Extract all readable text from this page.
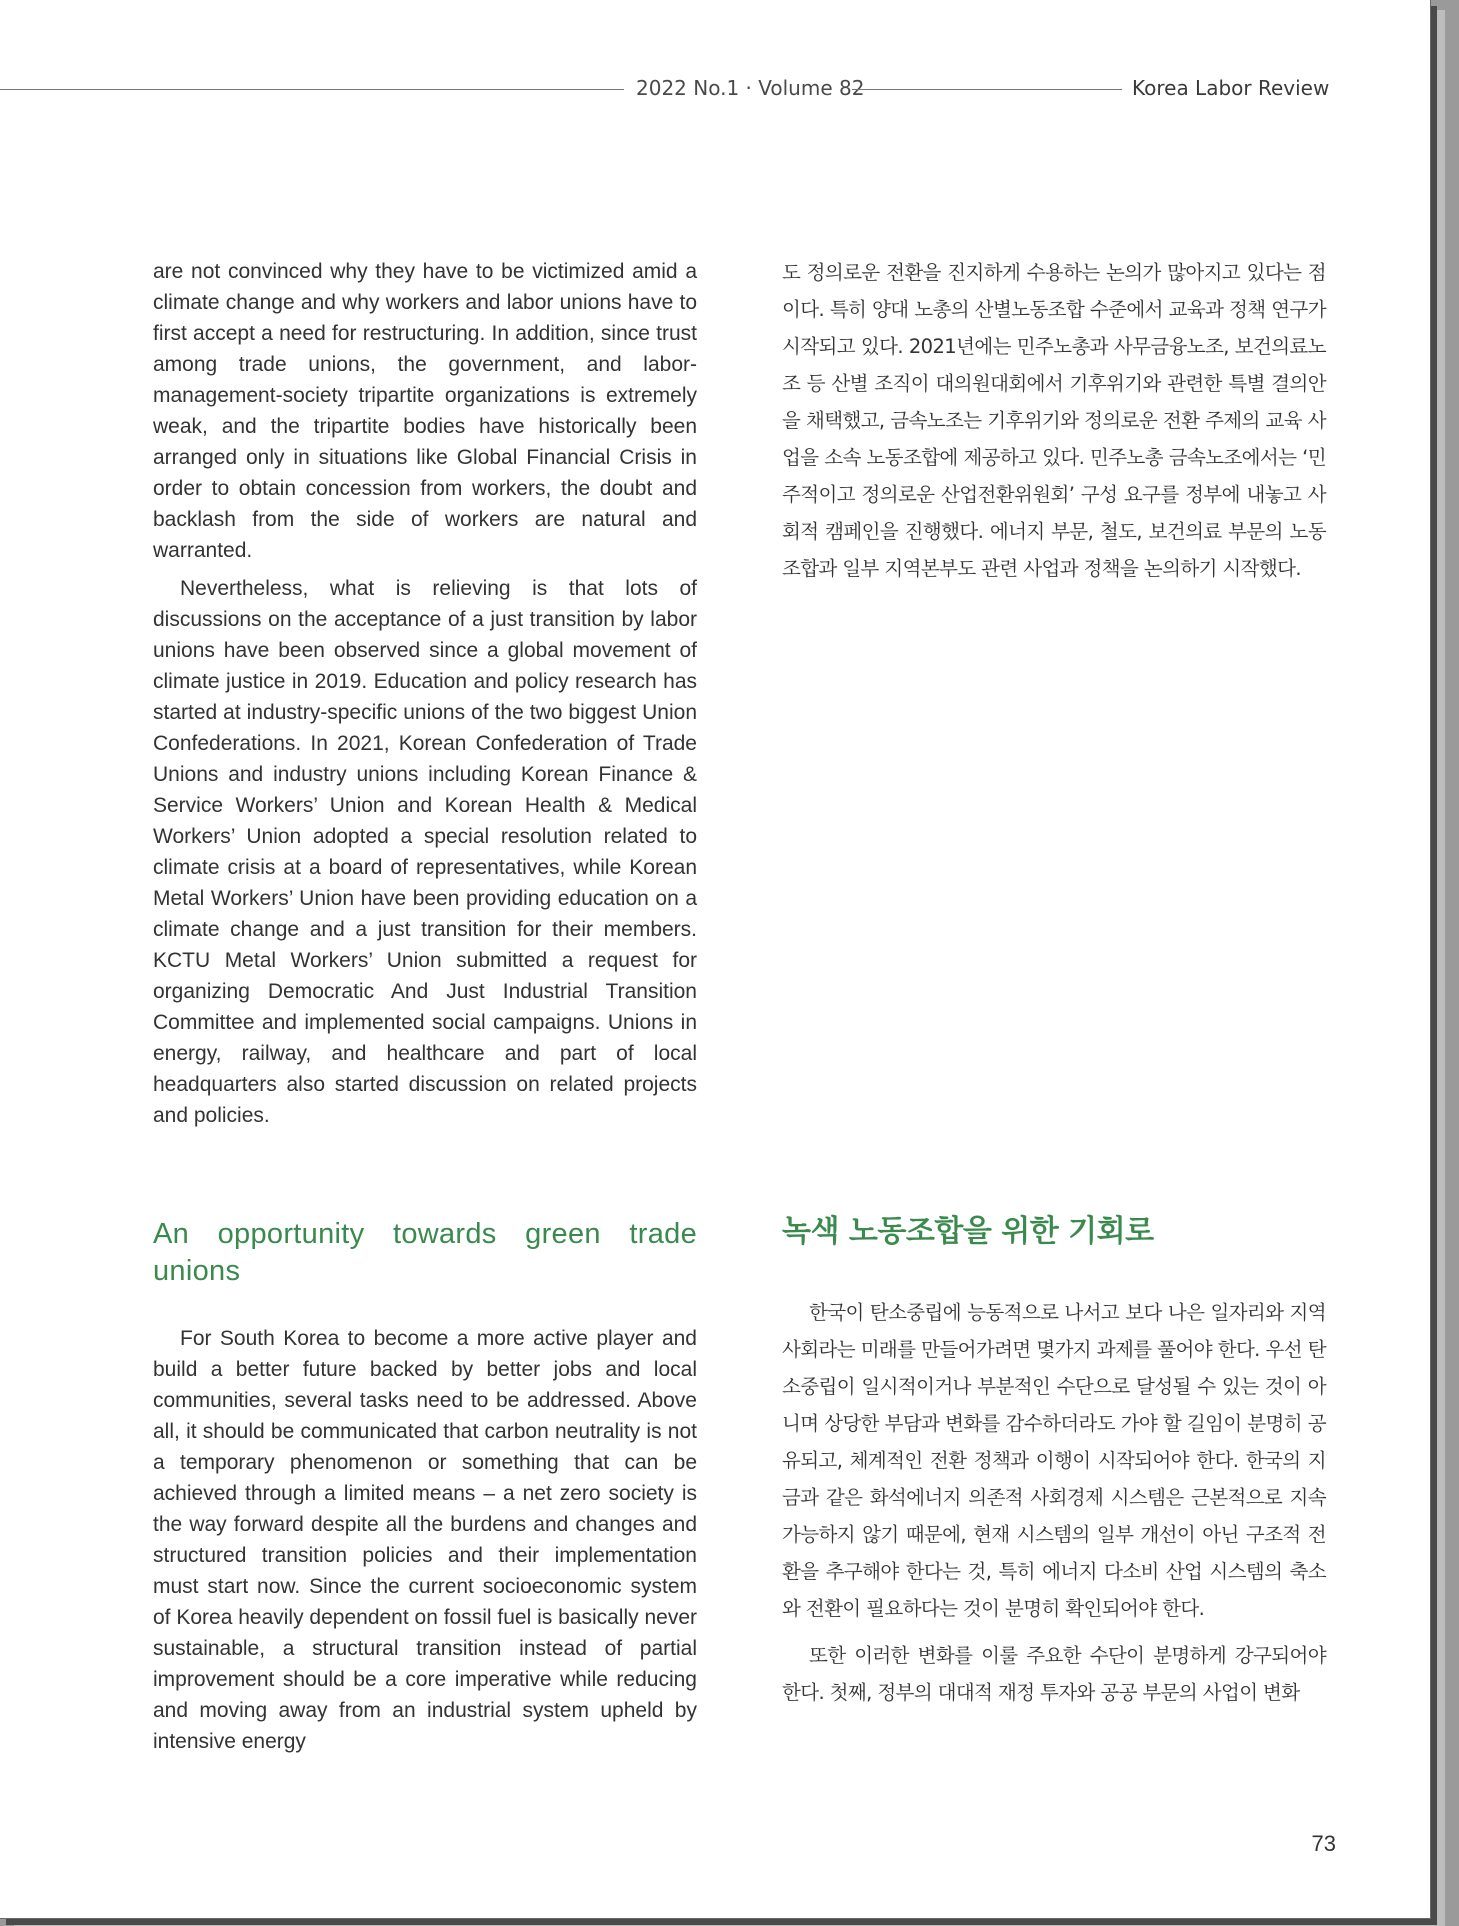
2022 No.1 · Volume 82	Korea Labor Review

are not convinced why they have to be victimized amid a climate change and why workers and labor unions have to first accept a need for restructuring. In addition, since trust among trade unions, the government, and labor-management-society tripartite organizations is extremely weak, and the tripartite bodies have historically been arranged only in situations like Global Financial Crisis in order to obtain concession from workers, the doubt and backlash from the side of workers are natural and warranted.

Nevertheless, what is relieving is that lots of discussions on the acceptance of a just transition by labor unions have been observed since a global movement of climate justice in 2019. Education and policy research has started at industry-specific unions of the two biggest Union Confederations. In 2021, Korean Confederation of Trade Unions and industry unions including Korean Finance & Service Workers’ Union and Korean Health & Medical Workers’ Union adopted a special resolution related to climate crisis at a board of representatives, while Korean Metal Workers’ Union have been providing education on a climate change and a just transition for their members. KCTU Metal Workers’ Union submitted a request for organizing Democratic And Just Industrial Transition Committee and implemented social campaigns. Unions in energy, railway, and healthcare and part of local headquarters also started discussion on related projects and policies.

도 정의로운 전환을 진지하게 수용하는 논의가 많아지고 있다는 점이다. 특히 양대 노총의 산별노동조합 수준에서 교육과 정책 연구가 시작되고 있다. 2021년에는 민주노총과 사무금융노조, 보건의료노조 등 산별 조직이 대의원대회에서 기후위기와 관련한 특별 결의안을 채택했고, 금속노조는 기후위기와 정의로운 전환 주제의 교육 사업을 소속 노동조합에 제공하고 있다. 민주노총 금속노조에서는 ‘민주적이고 정의로운 산업전환위원회’ 구성 요구를 정부에 내놓고 사회적 캠페인을 진행했다. 에너지 부문, 철도, 보건의료 부문의 노동조합과 일부 지역본부도 관련 사업과 정책을 논의하기 시작했다.

An opportunity towards green trade unions

For South Korea to become a more active player and build a better future backed by better jobs and local communities, several tasks need to be addressed. Above all, it should be communicated that carbon neutrality is not a temporary phenomenon or something that can be achieved through a limited means – a net zero society is the way forward despite all the burdens and changes and structured transition policies and their implementation must start now. Since the current socioeconomic system of Korea heavily dependent on fossil fuel is basically never sustainable, a structural transition instead of partial improvement should be a core imperative while reducing and moving away from an industrial system upheld by intensive energy

녹색 노동조합을 위한 기회로

한국이 탄소중립에 능동적으로 나서고 보다 나은 일자리와 지역 사회라는 미래를 만들어가려면 몇가지 과제를 풀어야 한다. 우선 탄소중립이 일시적이거나 부분적인 수단으로 달성될 수 있는 것이 아니며 상당한 부담과 변화를 감수하더라도 가야 할 길임이 분명히 공유되고, 체계적인 전환 정책과 이행이 시작되어야 한다. 한국의 지금과 같은 화석에너지 의존적 사회경제 시스템은 근본적으로 지속가능하지 않기 때문에, 현재 시스템의 일부 개선이 아닌 구조적 전환을 추구해야 한다는 것, 특히 에너지 다소비 산업 시스템의 축소와 전환이 필요하다는 것이 분명히 확인되어야 한다.

또한 이러한 변화를 이룰 주요한 수단이 분명하게 강구되어야 한다. 첫째, 정부의 대대적 재정 투자와 공공 부문의 사업이 변화

73
